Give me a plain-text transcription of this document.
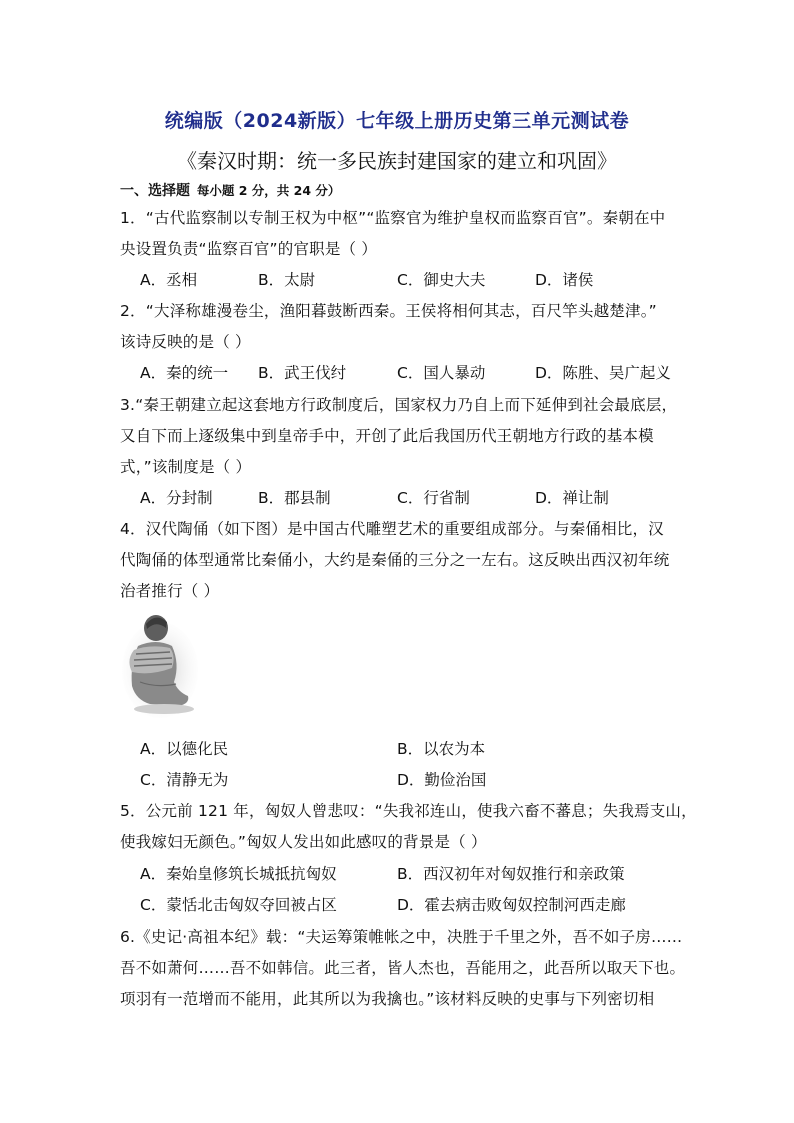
统编版（2024新版）七年级上册历史第三单元测试卷
《秦汉时期：统一多民族封建国家的建立和巩固》
一、选择题 每小题 2 分，共 24 分）
1．“古代监察制以专制王权为中枢”“监察官为维护皇权而监察百官”。秦朝在中
央设置负责“监察百官”的官职是（ ）
A．丞相	B．太尉	C．御史大夫	D．诸侯
2．“大泽称雄漫卷尘，渔阳暮鼓断西秦。王侯将相何其志，百尺竿头越楚津。”
该诗反映的是（ ）
A．秦的统一 B．武王伐纣	C．国人暴动	D．陈胜、吴广起义
3.“秦王朝建立起这套地方行政制度后，国家权力乃自上而下延伸到社会最底层，
又自下而上逐级集中到皇帝手中，开创了此后我国历代王朝地方行政的基本模
式，”该制度是（ ）
A．分封制	B．郡县制	C．行省制	D．禅让制
4．汉代陶俑（如下图）是中国古代雕塑艺术的重要组成部分。与秦俑相比，汉
代陶俑的体型通常比秦俑小，大约是秦俑的三分之一左右。这反映出西汉初年统
治者推行（ ）
A．以德化民	B．以农为本
C．清静无为	D．勤俭治国
5．公元前 121 年，匈奴人曾悲叹：“失我祁连山，使我六畜不蕃息；失我焉支山，
使我嫁妇无颜色。”匈奴人发出如此感叹的背景是（ ）
A．秦始皇修筑长城抵抗匈奴	B．西汉初年对匈奴推行和亲政策
C．蒙恬北击匈奴夺回被占区	D．霍去病击败匈奴控制河西走廊
6.《史记·高祖本纪》载：“夫运筹策帷帐之中，决胜于千里之外，吾不如子房……
吾不如萧何……吾不如韩信。此三者，皆人杰也，吾能用之，此吾所以取天下也。
项羽有一范增而不能用，此其所以为我擒也。”该材料反映的史事与下列密切相
